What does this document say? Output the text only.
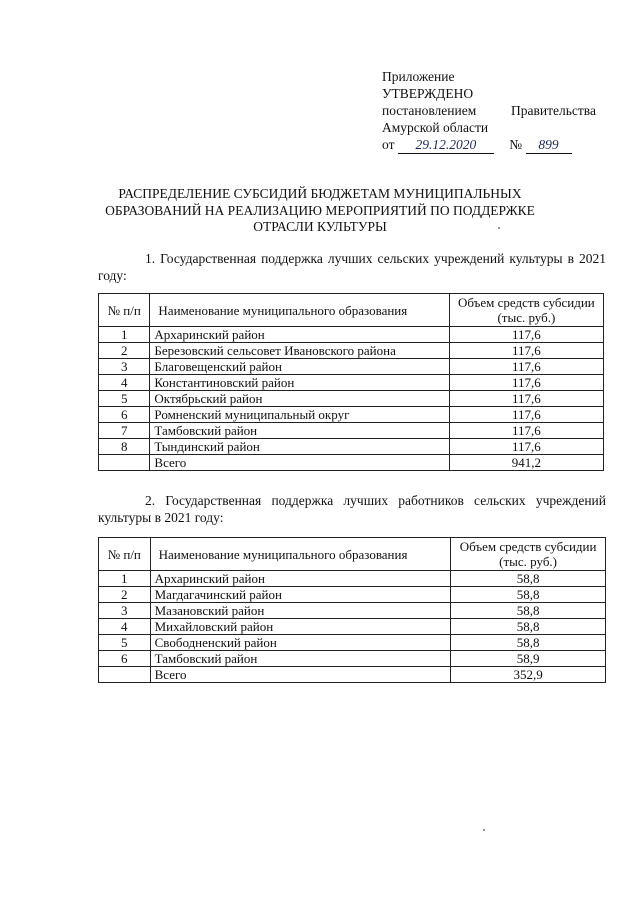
Приложение
УТВЕРЖДЕНО
постановлением	Правительства
Амурской области
от 29.12.2020 № 899
РАСПРЕДЕЛЕНИЕ СУБСИДИЙ БЮДЖЕТАМ МУНИЦИПАЛЬНЫХ ОБРАЗОВАНИЙ НА РЕАЛИЗАЦИЮ МЕРОПРИЯТИЙ ПО ПОДДЕРЖКЕ ОТРАСЛИ КУЛЬТУРЫ
1. Государственная поддержка лучших сельских учреждений культуры в 2021 году:
№ п/п	Наименование муниципального образования	Объем средств субсидии (тыс. руб.)
1	Архаринский район	117,6
2	Березовский сельсовет Ивановского района	117,6
3	Благовещенский район	117,6
4	Константиновский район	117,6
5	Октябрьский район	117,6
6	Ромненский муниципальный округ	117,6
7	Тамбовский район	117,6
8	Тындинский район	117,6
	Всего	941,2
2. Государственная поддержка лучших работников сельских учреждений культуры в 2021 году:
№ п/п	Наименование муниципального образования	Объем средств субсидии (тыс. руб.)
1	Архаринский район	58,8
2	Магдагачинский район	58,8
3	Мазановский район	58,8
4	Михайловский район	58,8
5	Свободненский район	58,8
6	Тамбовский район	58,9
	Всего	352,9
